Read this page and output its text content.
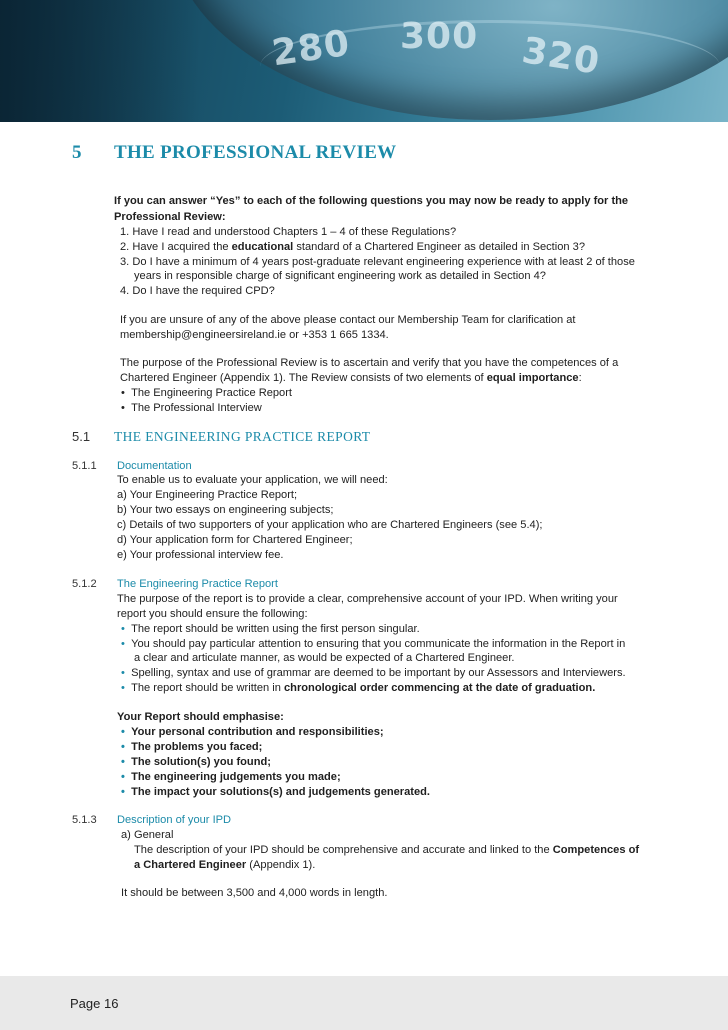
280 300 320
5 THE PROFESSIONAL REVIEW
If you can answer “Yes” to each of the following questions you may now be ready to apply for the
Professional Review:
1. Have I read and understood Chapters 1 – 4 of these Regulations?
2. Have I acquired the educational standard of a Chartered Engineer as detailed in Section 3?
3. Do I have a minimum of 4 years post-graduate relevant engineering experience with at least 2 of those
years in responsible charge of significant engineering work as detailed in Section 4?
4. Do I have the required CPD?
If you are unsure of any of the above please contact our Membership Team for clarification at
membership@engineersireland.ie or +353 1 665 1334.
The purpose of the Professional Review is to ascertain and verify that you have the competences of a
Chartered Engineer (Appendix 1). The Review consists of two elements of equal importance:
• The Engineering Practice Report
• The Professional Interview
5.1 THE ENGINEERING PRACTICE REPORT
5.1.1 Documentation
To enable us to evaluate your application, we will need:
a) Your Engineering Practice Report;
b) Your two essays on engineering subjects;
c) Details of two supporters of your application who are Chartered Engineers (see 5.4);
d) Your application form for Chartered Engineer;
e) Your professional interview fee.
5.1.2 The Engineering Practice Report
The purpose of the report is to provide a clear, comprehensive account of your IPD. When writing your
report you should ensure the following:
• The report should be written using the first person singular.
• You should pay particular attention to ensuring that you communicate the information in the Report in
a clear and articulate manner, as would be expected of a Chartered Engineer.
• Spelling, syntax and use of grammar are deemed to be important by our Assessors and Interviewers.
• The report should be written in chronological order commencing at the date of graduation.
Your Report should emphasise:
• Your personal contribution and responsibilities;
• The problems you faced;
• The solution(s) you found;
• The engineering judgements you made;
• The impact your solutions(s) and judgements generated.
5.1.3 Description of your IPD
a) General
The description of your IPD should be comprehensive and accurate and linked to the Competences of
a Chartered Engineer (Appendix 1).
It should be between 3,500 and 4,000 words in length.
Page 16
